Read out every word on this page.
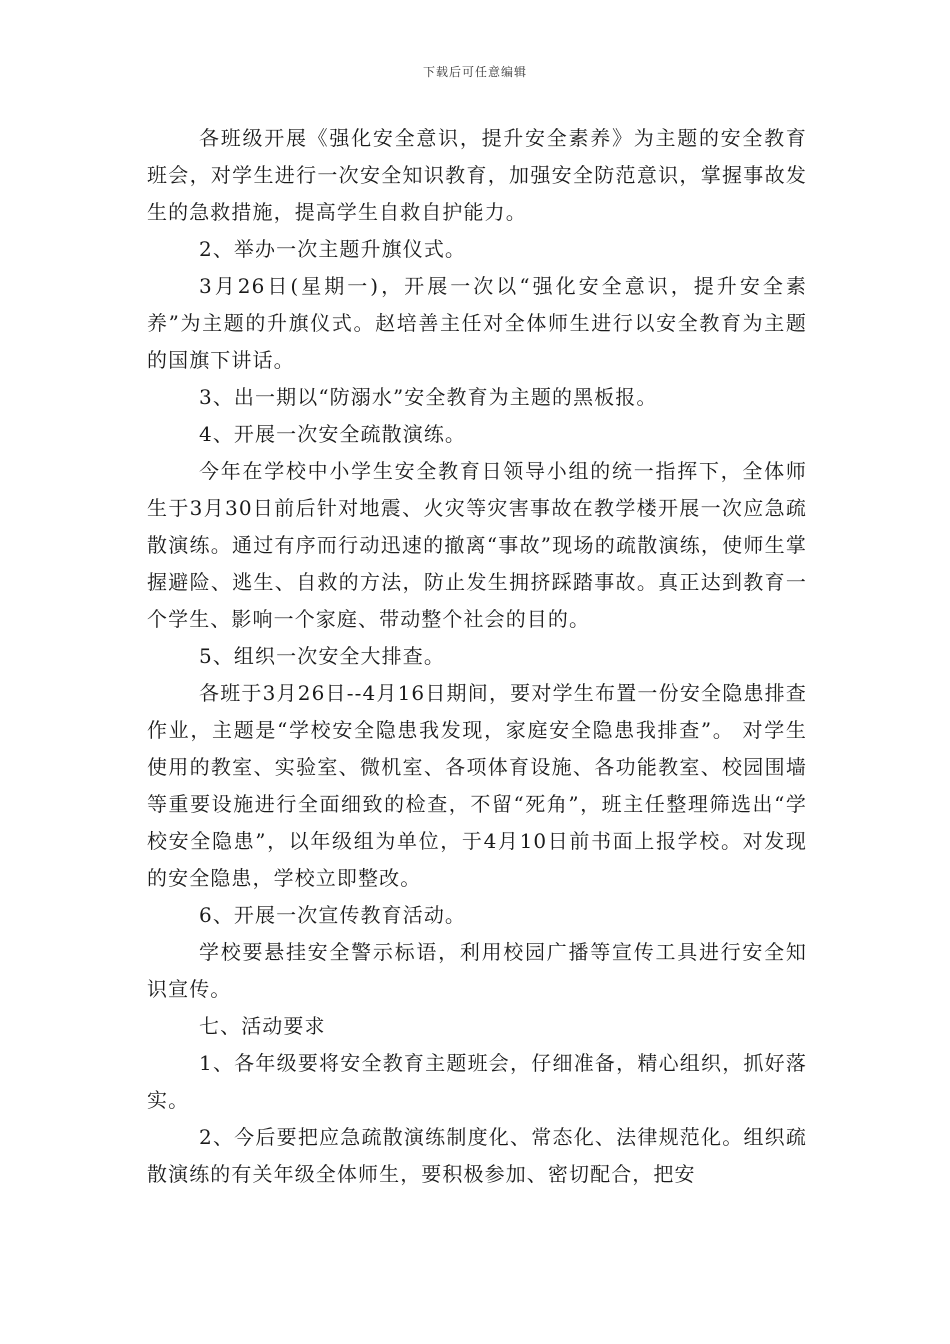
下载后可任意编辑

各班级开展《强化安全意识，提升安全素养》为主题的安全教育班会，对学生进行一次安全知识教育，加强安全防范意识，掌握事故发生的急救措施，提高学生自救自护能力。

2、举办一次主题升旗仪式。

3月26日(星期一)，开展一次以“强化安全意识，提升安全素养”为主题的升旗仪式。赵培善主任对全体师生进行以安全教育为主题的国旗下讲话。

3、出一期以“防溺水”安全教育为主题的黑板报。

4、开展一次安全疏散演练。

今年在学校中小学生安全教育日领导小组的统一指挥下，全体师生于3月30日前后针对地震、火灾等灾害事故在教学楼开展一次应急疏散演练。通过有序而行动迅速的撤离“事故”现场的疏散演练，使师生掌握避险、逃生、自救的方法，防止发生拥挤踩踏事故。真正达到教育一个学生、影响一个家庭、带动整个社会的目的。

5、组织一次安全大排查。

各班于3月26日--4月16日期间，要对学生布置一份安全隐患排查作业，主题是“学校安全隐患我发现，家庭安全隐患我排查”。 对学生使用的教室、实验室、微机室、各项体育设施、各功能教室、校园围墙等重要设施进行全面细致的检查，不留“死角”，班主任整理筛选出“学校安全隐患”，以年级组为单位，于4月10日前书面上报学校。对发现的安全隐患，学校立即整改。

6、开展一次宣传教育活动。

学校要悬挂安全警示标语，利用校园广播等宣传工具进行安全知识宣传。

七、活动要求

1、各年级要将安全教育主题班会，仔细准备，精心组织，抓好落实。

2、今后要把应急疏散演练制度化、常态化、法律规范化。组织疏散演练的有关年级全体师生，要积极参加、密切配合，把安
